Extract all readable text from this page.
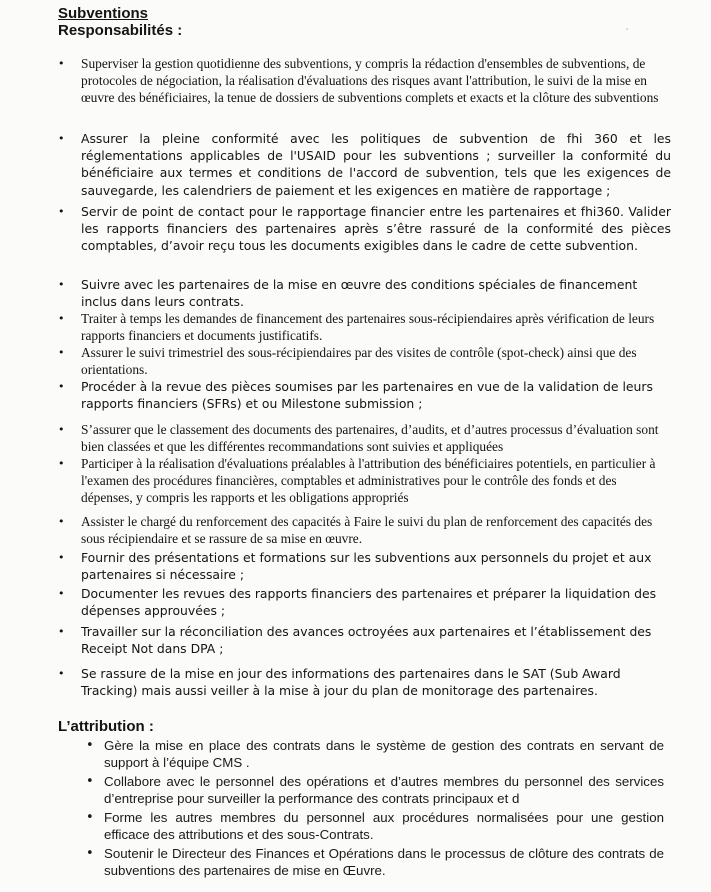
Subventions
Responsabilités :
• Superviser la gestion quotidienne des subventions, y compris la rédaction d'ensembles de subventions, de protocoles de négociation, la réalisation d'évaluations des risques avant l'attribution, le suivi de la mise en œuvre des bénéficiaires, la tenue de dossiers de subventions complets et exacts et la clôture des subventions
• Assurer la pleine conformité avec les politiques de subvention de fhi 360 et les réglementations applicables de l'USAID pour les subventions ; surveiller la conformité du bénéficiaire aux termes et conditions de l'accord de subvention, tels que les exigences de sauvegarde, les calendriers de paiement et les exigences en matière de rapportage ;
• Servir de point de contact pour le rapportage financier entre les partenaires et fhi360. Valider les rapports financiers des partenaires après s’être rassuré de la conformité des pièces comptables, d’avoir reçu tous les documents exigibles dans le cadre de cette subvention.
• Suivre avec les partenaires de la mise en œuvre des conditions spéciales de financement inclus dans leurs contrats.
• Traiter à temps les demandes de financement des partenaires sous-récipiendaires après vérification de leurs rapports financiers et documents justificatifs.
• Assurer le suivi trimestriel des sous-récipiendaires par des visites de contrôle (spot-check) ainsi que des orientations.
• Procéder à la revue des pièces soumises par les partenaires en vue de la validation de leurs rapports financiers (SFRs) et ou Milestone submission ;
• S’assurer que le classement des documents des partenaires, d’audits, et d’autres processus d’évaluation sont bien classées et que les différentes recommandations sont suivies et appliquées
• Participer à la réalisation d'évaluations préalables à l'attribution des bénéficiaires potentiels, en particulier à l'examen des procédures financières, comptables et administratives pour le contrôle des fonds et des dépenses, y compris les rapports et les obligations appropriés
• Assister le chargé du renforcement des capacités à Faire le suivi du plan de renforcement des capacités des sous récipiendaire et se rassure de sa mise en œuvre.
• Fournir des présentations et formations sur les subventions aux personnels du projet et aux partenaires si nécessaire ;
• Documenter les revues des rapports financiers des partenaires et préparer la liquidation des dépenses approuvées ;
• Travailler sur la réconciliation des avances octroyées aux partenaires et l’établissement des Receipt Not dans DPA ;
• Se rassure de la mise en jour des informations des partenaires dans le SAT (Sub Award Tracking) mais aussi veiller à la mise à jour du plan de monitorage des partenaires.
L’attribution :
• Gère la mise en place des contrats dans le système de gestion des contrats en servant de support à l’équipe CMS .
• Collabore avec le personnel des opérations et d’autres membres du personnel des services d’entreprise pour surveiller la performance des contrats principaux et d
• Forme les autres membres du personnel aux procédures normalisées pour une gestion efficace des attributions et des sous-Contrats.
• Soutenir le Directeur des Finances et Opérations dans le processus de clôture des contrats de subventions des partenaires de mise en Œuvre.
